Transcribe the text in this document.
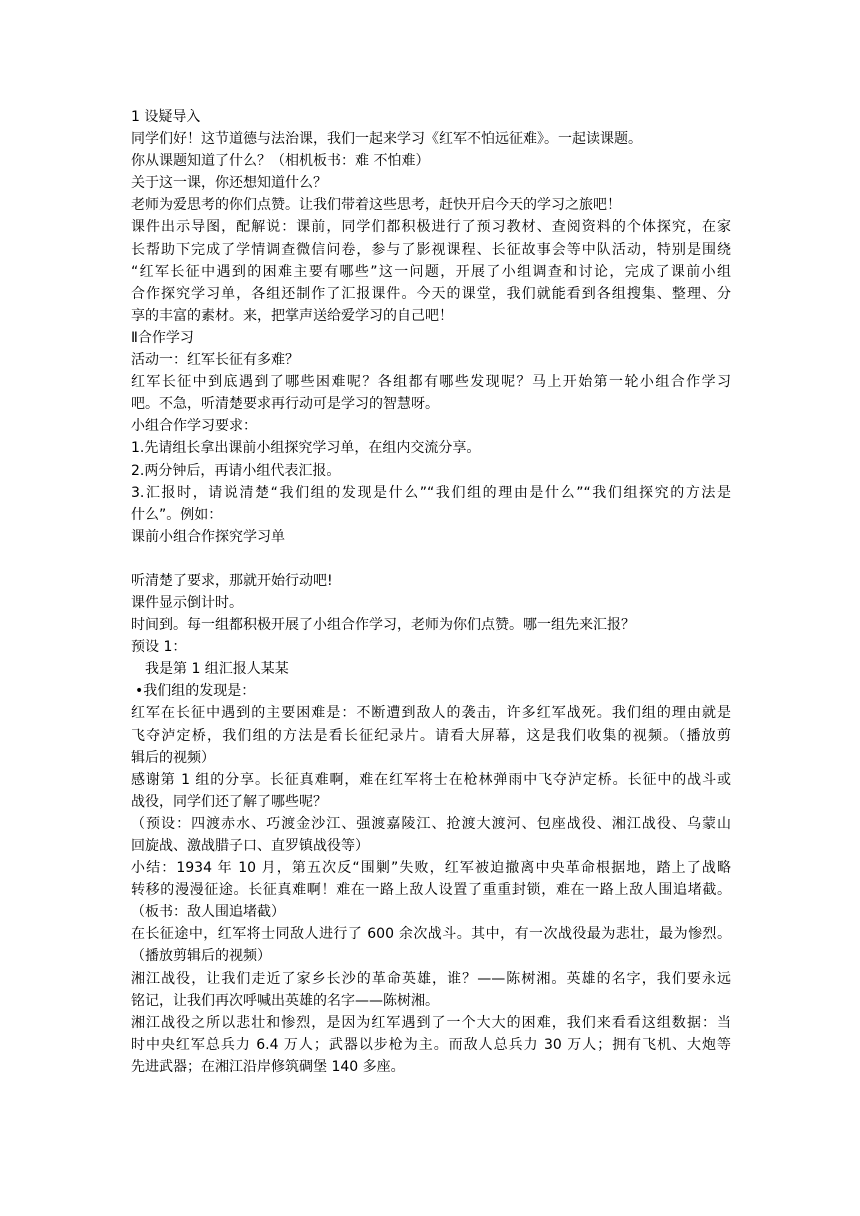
1 设疑导入
同学们好！这节道德与法治课，我们一起来学习《红军不怕远征难》。一起读课题。
你从课题知道了什么？（相机板书：难 不怕难）
关于这一课，你还想知道什么？
老师为爱思考的你们点赞。让我们带着这些思考，赶快开启今天的学习之旅吧！
课件出示导图，配解说：课前，同学们都积极进行了预习教材、查阅资料的个体探究，在家
长帮助下完成了学情调查微信问卷，参与了影视课程、长征故事会等中队活动，特别是围绕
“红军长征中遇到的困难主要有哪些”这一问题，开展了小组调查和讨论，完成了课前小组
合作探究学习单，各组还制作了汇报课件。今天的课堂，我们就能看到各组搜集、整理、分
享的丰富的素材。来，把掌声送给爱学习的自己吧！
Ⅱ合作学习
活动一：红军长征有多难？
红军长征中到底遇到了哪些困难呢？各组都有哪些发现呢？马上开始第一轮小组合作学习
吧。不急，听清楚要求再行动可是学习的智慧呀。
小组合作学习要求：
1.先请组长拿出课前小组探究学习单，在组内交流分享。
2.两分钟后，再请小组代表汇报。
3.汇报时，请说清楚“我们组的发现是什么”“我们组的理由是什么”“我们组探究的方法是
什么”。例如：
课前小组合作探究学习单
听清楚了要求，那就开始行动吧!
课件显示倒计时。
时间到。每一组都积极开展了小组合作学习，老师为你们点赞。哪一组先来汇报？
预设 1：
我是第 1 组汇报人某某
•我们组的发现是：
红军在长征中遇到的主要困难是：不断遭到敌人的袭击，许多红军战死。我们组的理由就是
飞夺泸定桥，我们组的方法是看长征纪录片。请看大屏幕，这是我们收集的视频。（播放剪
辑后的视频）
感谢第 1 组的分享。长征真难啊，难在红军将士在枪林弹雨中飞夺泸定桥。长征中的战斗或
战役，同学们还了解了哪些呢？
（预设：四渡赤水、巧渡金沙江、强渡嘉陵江、抢渡大渡河、包座战役、湘江战役、乌蒙山
回旋战、激战腊子口、直罗镇战役等）
小结：1934 年 10 月，第五次反“围剿”失败，红军被迫撤离中央革命根据地，踏上了战略
转移的漫漫征途。长征真难啊！难在一路上敌人设置了重重封锁，难在一路上敌人围追堵截。
（板书：敌人围追堵截）
在长征途中，红军将士同敌人进行了 600 余次战斗。其中，有一次战役最为悲壮，最为惨烈。
（播放剪辑后的视频）
湘江战役，让我们走近了家乡长沙的革命英雄，谁？——陈树湘。英雄的名字，我们要永远
铭记，让我们再次呼喊出英雄的名字——陈树湘。
湘江战役之所以悲壮和惨烈，是因为红军遇到了一个大大的困难，我们来看看这组数据：当
时中央红军总兵力 6.4 万人；武器以步枪为主。而敌人总兵力 30 万人；拥有飞机、大炮等
先进武器；在湘江沿岸修筑碉堡 140 多座。
